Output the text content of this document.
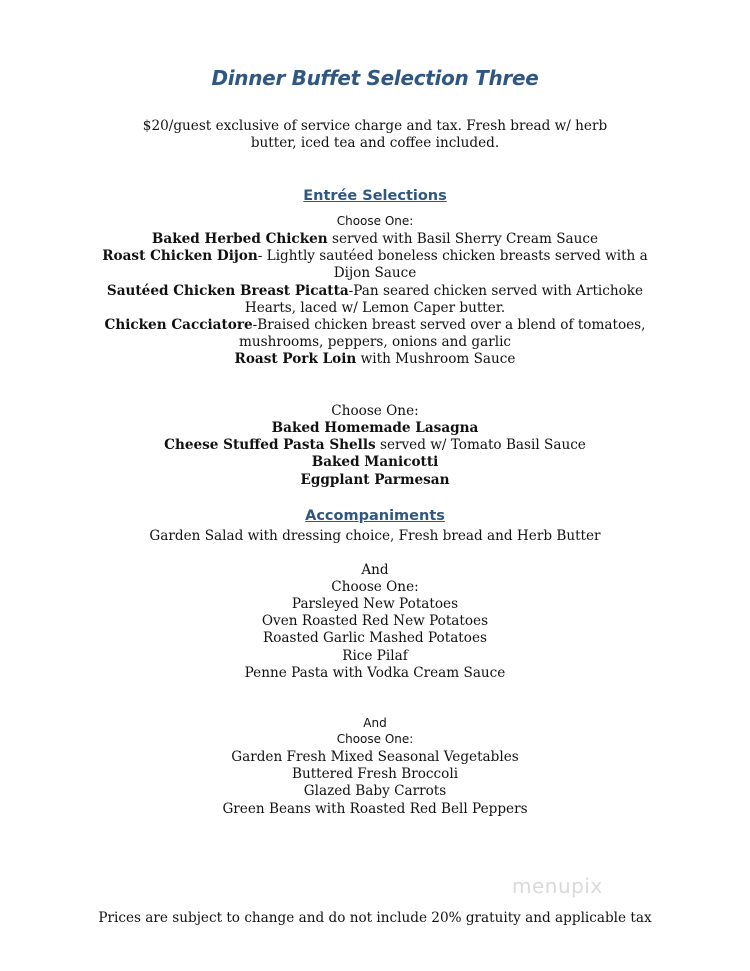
Dinner Buffet Selection Three
$20/guest exclusive of service charge and tax. Fresh bread w/ herb butter, iced tea and coffee included.
Entrée Selections
Choose One:
Baked Herbed Chicken served with Basil Sherry Cream Sauce
Roast Chicken Dijon- Lightly sautéed boneless chicken breasts served with a Dijon Sauce
Sautéed Chicken Breast Picatta-Pan seared chicken served with Artichoke Hearts, laced w/ Lemon Caper butter.
Chicken Cacciatore-Braised chicken breast served over a blend of tomatoes, mushrooms, peppers, onions and garlic
Roast Pork Loin with Mushroom Sauce
Choose One:
Baked Homemade Lasagna
Cheese Stuffed Pasta Shells served w/ Tomato Basil Sauce
Baked Manicotti
Eggplant Parmesan
Accompaniments
Garden Salad with dressing choice, Fresh bread and Herb Butter
And
Choose One:
Parsleyed New Potatoes
Oven Roasted Red New Potatoes
Roasted Garlic Mashed Potatoes
Rice Pilaf
Penne Pasta with Vodka Cream Sauce
And
Choose One:
Garden Fresh Mixed Seasonal Vegetables
Buttered Fresh Broccoli
Glazed Baby Carrots
Green Beans with Roasted Red Bell Peppers
menupix
Prices are subject to change and do not include 20% gratuity and applicable tax
